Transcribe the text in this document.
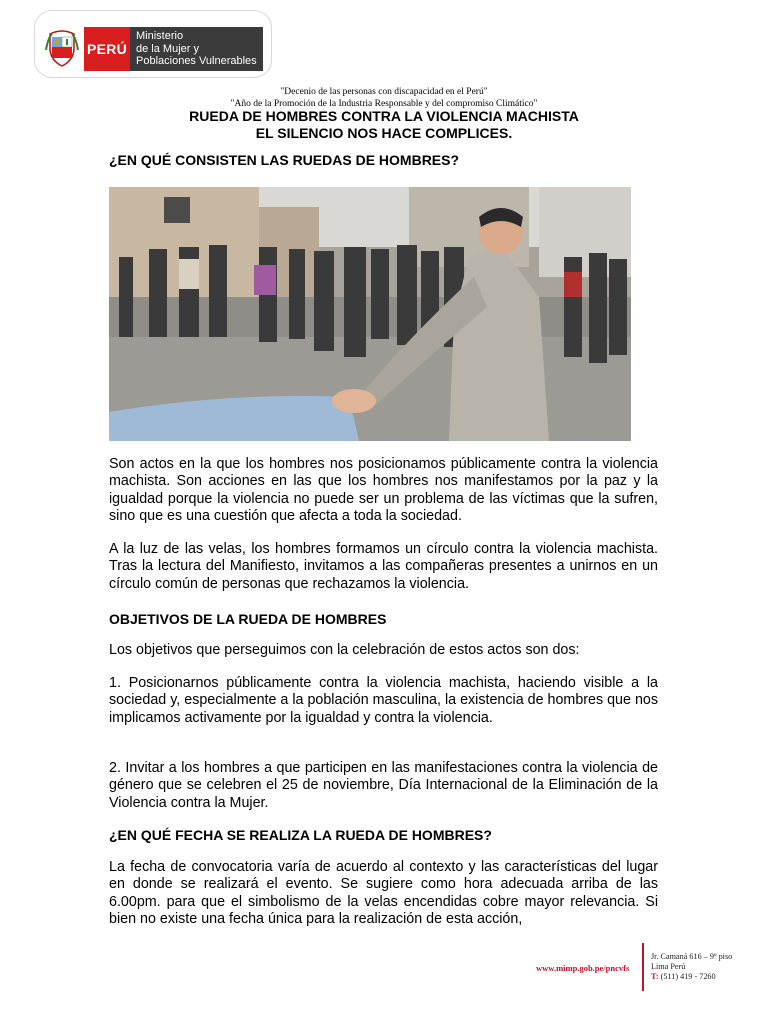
PERÚ
Ministerio
de la Mujer y
Poblaciones Vulnerables
"Decenio de las personas con discapacidad en el Perú"
"Año de la Promoción de la Industria Responsable y del compromiso Climático"
RUEDA DE HOMBRES CONTRA LA VIOLENCIA MACHISTA
EL SILENCIO NOS HACE COMPLICES.
¿EN QUÉ CONSISTEN LAS RUEDAS DE HOMBRES?
Son actos en la que los hombres nos posicionamos públicamente contra la violencia machista. Son acciones en las que los hombres nos manifestamos por la paz y la igualdad porque la violencia no puede ser un problema de las víctimas que la sufren, sino que es una cuestión que afecta a toda la sociedad.
A la luz de las velas, los hombres formamos un círculo contra la violencia machista. Tras la lectura del Manifiesto, invitamos a las compañeras presentes a unirnos en un círculo común de personas que rechazamos la violencia.
OBJETIVOS DE LA RUEDA DE HOMBRES
Los objetivos que perseguimos con la celebración de estos actos son dos:
1. Posicionarnos públicamente contra la violencia machista, haciendo visible a la sociedad y, especialmente a la población masculina, la existencia de hombres que nos implicamos activamente por la igualdad y contra la violencia.
2. Invitar a los hombres a que participen en las manifestaciones contra la violencia de género que se celebren el 25 de noviembre, Día Internacional de la Eliminación de la Violencia contra la Mujer.
¿EN QUÉ FECHA SE REALIZA LA RUEDA DE HOMBRES?
La fecha de convocatoria varía de acuerdo al contexto y las características del lugar en donde se realizará el evento. Se sugiere como hora adecuada arriba de las 6.00pm. para que el simbolismo de la velas encendidas cobre mayor relevancia. Si bien no existe una fecha única para la realización de esta acción,
www.mimp.gob.pe/pncvfs
Jr. Camaná 616 – 9º piso
Lima Perú
T: (511) 419 - 7260
